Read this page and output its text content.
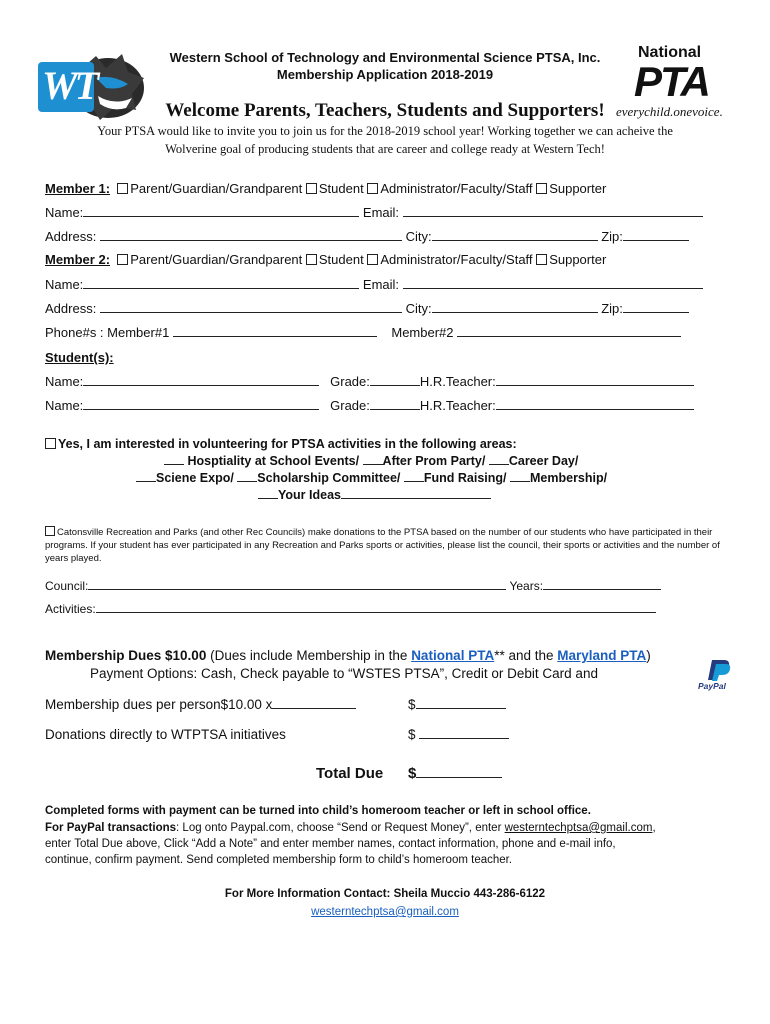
WT
National
PTA
everychild.onevoice.
Western School of Technology and Environmental Science PTSA, Inc.
Membership Application 2018-2019
Welcome Parents, Teachers, Students and Supporters!
Your PTSA would like to invite you to join us for the 2018-2019 school year! Working together we can acheive the
Wolverine goal of producing students that are career and college ready at Western Tech!
Member 1: Parent/Guardian/Grandparent Student Administrator/Faculty/Staff Supporter
Name:	Email:
Address:	City:	Zip:
Member 2: Parent/Guardian/Grandparent Student Administrator/Faculty/Staff Supporter
Name:	Email:
Address:	City:	Zip:
Phone#s : Member#1	Member#2
Student(s):
Name:	Grade:	H.R.Teacher:
Name:	Grade:	H.R.Teacher:
Yes, I am interested in volunteering for PTSA activities in the following areas:
Hosptiality at School Events/ After Prom Party/ Career Day/
Sciene Expo/ Scholarship Committee/ Fund Raising/ Membership/
Your Ideas
Catonsville Recreation and Parks (and other Rec Councils) make donations to the PTSA based on the number of our students who have participated in their programs. If your student has ever participated in any Recreation and Parks sports or activities, please list the council, their sports or activities and the number of years played.
Council:	Years:
Activities:
Membership Dues $10.00 (Dues include Membership in the National PTA** and the Maryland PTA)
Payment Options: Cash, Check payable to “WSTES PTSA”, Credit or Debit Card and
PayPal
Membership dues per person$10.00 x	$
Donations directly to WTPTSA initiatives	$
Total Due $
Completed forms with payment can be turned into child’s homeroom teacher or left in school office.
For PayPal transactions: Log onto Paypal.com, choose “Send or Request Money”, enter westerntechptsa@gmail.com,
enter Total Due above, Click “Add a Note” and enter member names, contact information, phone and e-mail info,
continue, confirm payment. Send completed membership form to child’s homeroom teacher.
For More Information Contact: Sheila Muccio 443-286-6122
westerntechptsa@gmail.com
